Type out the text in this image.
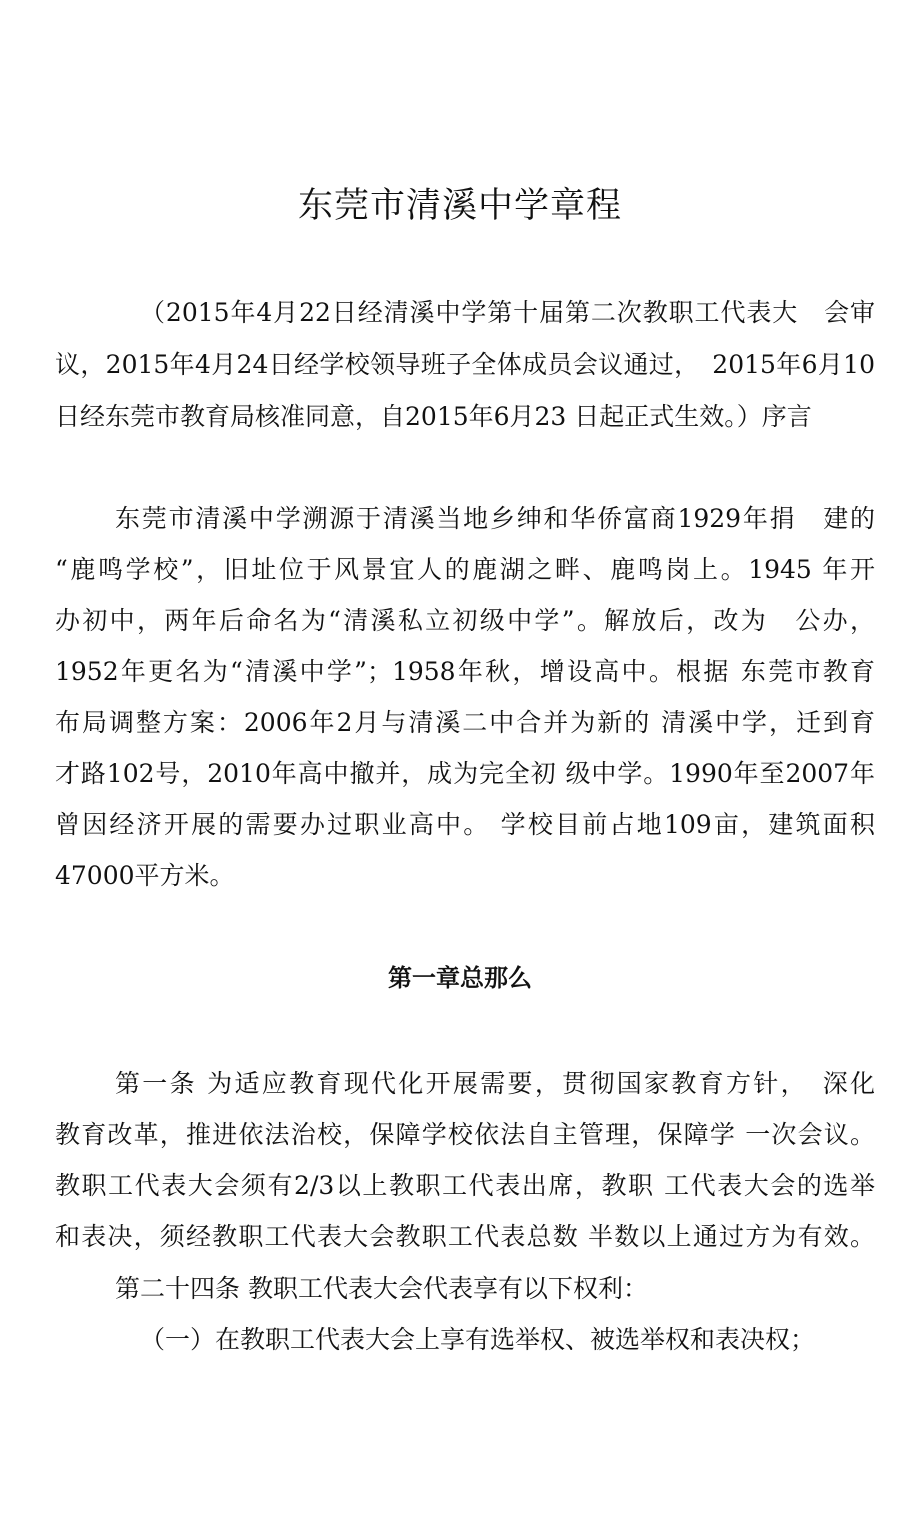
东莞市清溪中学章程
（2015年4月22日经清溪中学第十届第二次教职工代表大　会审
议，2015年4月24日经学校领导班子全体成员会议通过，　2015年6月10
日经东莞市教育局核准同意，自2015年6月23 日起正式生效。）序言
东莞市清溪中学溯源于清溪当地乡绅和华侨富商1929年捐　建的
“鹿鸣学校”，旧址位于风景宜人的鹿湖之畔、鹿鸣岗上。1945 年开
办初中，两年后命名为“清溪私立初级中学”。解放后，改为　公办，
1952年更名为“清溪中学”；1958年秋，增设高中。根据 东莞市教育
布局调整方案：2006年2月与清溪二中合并为新的 清溪中学，迁到育
才路102号，2010年高中撤并，成为完全初 级中学。1990年至2007年
曾因经济开展的需要办过职业高中。 学校目前占地109亩，建筑面积
47000平方米。
第一章总那么
第一条 为适应教育现代化开展需要，贯彻国家教育方针，　深化
教育改革，推进依法治校，保障学校依法自主管理，保障学 一次会议。
教职工代表大会须有2/3以上教职工代表出席，教职 工代表大会的选举
和表决，须经教职工代表大会教职工代表总数 半数以上通过方为有效。
第二十四条 教职工代表大会代表享有以下权利：
（一）在教职工代表大会上享有选举权、被选举权和表决权；
